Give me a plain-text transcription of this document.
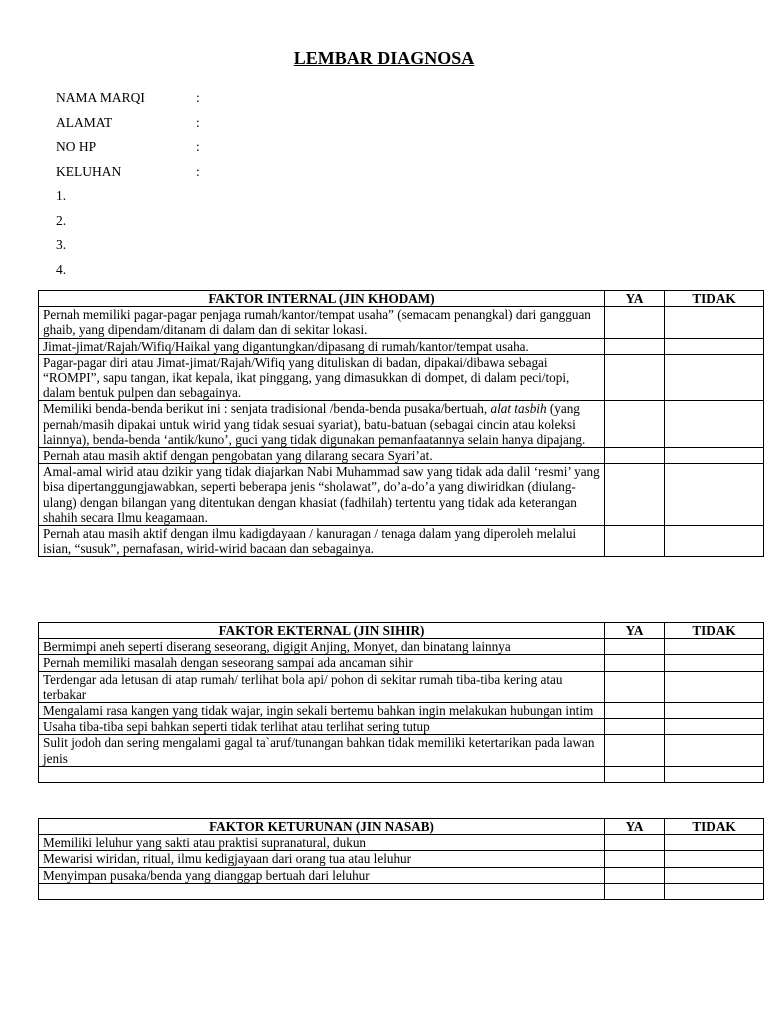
LEMBAR DIAGNOSA
NAMA MARQI	:
ALAMAT	:
NO HP	:
KELUHAN	:
1.
2.
3.
4.
FAKTOR INTERNAL (JIN KHODAM)	YA	TIDAK
Pernah memiliki pagar-pagar penjaga rumah/kantor/tempat usaha” (semacam penangkal) dari gangguan ghaib, yang dipendam/ditanam di dalam dan di sekitar lokasi.		
Jimat-jimat/Rajah/Wifiq/Haikal yang digantungkan/dipasang di rumah/kantor/tempat usaha.		
Pagar-pagar diri atau Jimat-jimat/Rajah/Wifiq yang dituliskan di badan, dipakai/dibawa sebagai “ROMPI”, sapu tangan, ikat kepala, ikat pinggang, yang dimasukkan di dompet, di dalam peci/topi, dalam bentuk pulpen dan sebagainya.		
Memiliki benda-benda berikut ini : senjata tradisional /benda-benda pusaka/bertuah, alat tasbih (yang pernah/masih dipakai untuk wirid yang tidak sesuai syariat), batu-batuan (sebagai cincin atau koleksi lainnya), benda-benda ‘antik/kuno’, guci yang tidak digunakan pemanfaatannya selain hanya dipajang.		
Pernah atau masih aktif dengan pengobatan yang dilarang secara Syari’at.		
Amal-amal wirid atau dzikir yang tidak diajarkan Nabi Muhammad saw yang tidak ada dalil ‘resmi’ yang bisa dipertanggungjawabkan, seperti beberapa jenis “sholawat”, do’a-do’a yang diwiridkan (diulang-ulang) dengan bilangan yang ditentukan dengan khasiat (fadhilah) tertentu yang tidak ada keterangan shahih secara Ilmu keagamaan.		
Pernah atau masih aktif dengan ilmu kadigdayaan / kanuragan / tenaga dalam yang diperoleh melalui isian, “susuk”, pernafasan, wirid-wirid bacaan dan sebagainya.		
FAKTOR EKTERNAL (JIN SIHIR)	YA	TIDAK
Bermimpi aneh seperti diserang seseorang, digigit Anjing, Monyet, dan binatang lainnya		
Pernah memiliki masalah dengan seseorang sampai ada ancaman sihir		
Terdengar ada letusan di atap rumah/ terlihat bola api/ pohon di sekitar rumah tiba-tiba kering atau terbakar		
Mengalami rasa kangen yang tidak wajar, ingin sekali bertemu bahkan ingin melakukan hubungan intim		
Usaha tiba-tiba sepi bahkan seperti tidak terlihat atau terlihat sering tutup		
Sulit jodoh dan sering mengalami gagal ta`aruf/tunangan bahkan tidak memiliki ketertarikan pada lawan jenis		

FAKTOR KETURUNAN (JIN NASAB)	YA	TIDAK
Memiliki leluhur yang sakti atau praktisi supranatural, dukun		
Mewarisi wiridan, ritual, ilmu kedigjayaan dari orang tua atau leluhur		
Menyimpan pusaka/benda yang dianggap bertuah dari leluhur		
